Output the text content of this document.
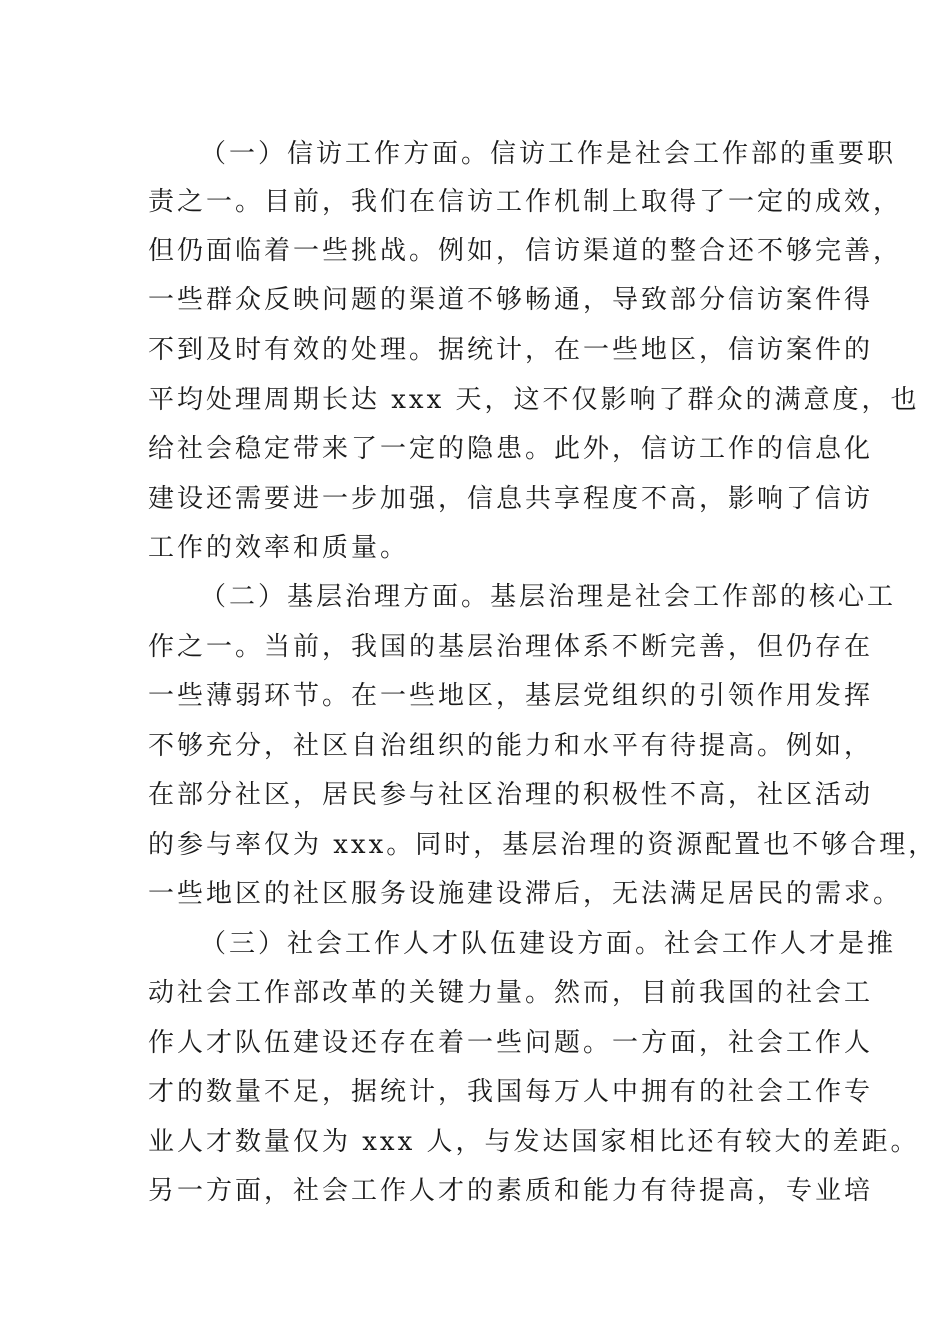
（一）信访工作方面。信访工作是社会工作部的重要职
责之一。目前，我们在信访工作机制上取得了一定的成效，
但仍面临着一些挑战。例如，信访渠道的整合还不够完善，
一些群众反映问题的渠道不够畅通，导致部分信访案件得
不到及时有效的处理。据统计，在一些地区，信访案件的
平均处理周期长达 xxx 天，这不仅影响了群众的满意度，也
给社会稳定带来了一定的隐患。此外，信访工作的信息化
建设还需要进一步加强，信息共享程度不高，影响了信访
工作的效率和质量。
（二）基层治理方面。基层治理是社会工作部的核心工
作之一。当前，我国的基层治理体系不断完善，但仍存在
一些薄弱环节。在一些地区，基层党组织的引领作用发挥
不够充分，社区自治组织的能力和水平有待提高。例如，
在部分社区，居民参与社区治理的积极性不高，社区活动
的参与率仅为 xxx。同时，基层治理的资源配置也不够合理，
一些地区的社区服务设施建设滞后，无法满足居民的需求。
（三）社会工作人才队伍建设方面。社会工作人才是推
动社会工作部改革的关键力量。然而，目前我国的社会工
作人才队伍建设还存在着一些问题。一方面，社会工作人
才的数量不足，据统计，我国每万人中拥有的社会工作专
业人才数量仅为 xxx 人，与发达国家相比还有较大的差距。
另一方面，社会工作人才的素质和能力有待提高，专业培
